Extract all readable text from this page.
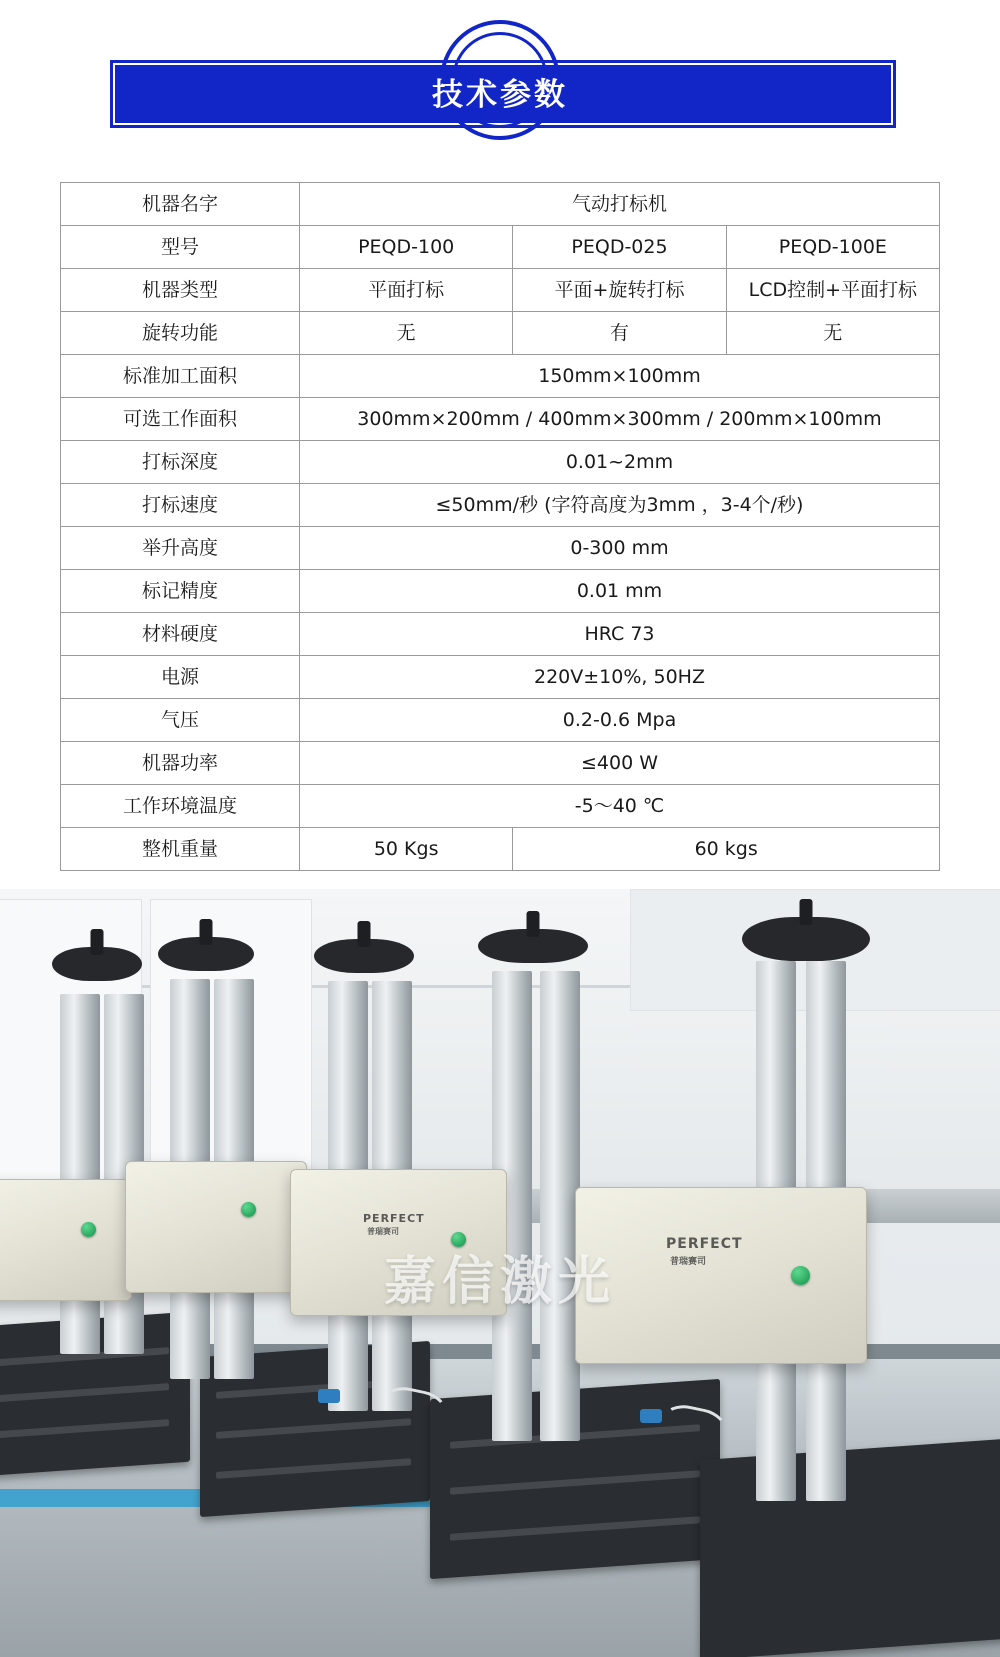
技术参数
机器名字	气动打标机		
型号	PEQD-100	PEQD-025	PEQD-100E
机器类型	平面打标	平面+旋转打标	LCD控制+平面打标
旋转功能	无	有	无
标准加工面积	150mm×100mm		
可选工作面积	300mm×200mm / 400mm×300mm / 200mm×100mm		
打标深度	0.01~2mm		
打标速度	≤50mm/秒 (字符高度为3mm ，3-4个/秒)		
举升高度	0-300 mm		
标记精度	0.01 mm		
材料硬度	HRC 73		
电源	220V±10%, 50HZ		
气压	0.2-0.6 Mpa		
机器功率	≤400 W		
工作环境温度	-5～40 ℃		
整机重量	50 Kgs	60 kgs	
PERFECT
普瑞赛司
PERFECT
普瑞赛司
嘉信激光
